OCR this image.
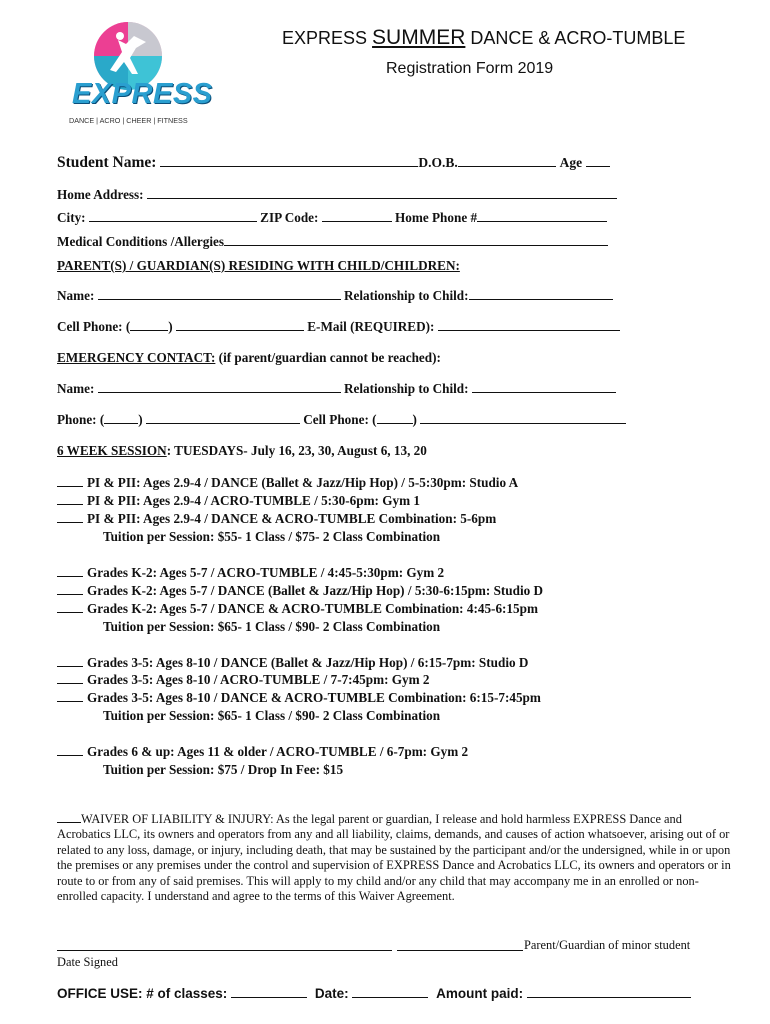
EXPRESS
DANCE | ACRO | CHEER | FITNESS
EXPRESS SUMMER DANCE & ACRO-TUMBLE
Registration Form 2019
Student Name:	D.O.B.	Age
Home Address:
City:	ZIP Code:	Home Phone #
Medical Conditions /Allergies
PARENT(S) / GUARDIAN(S) RESIDING WITH CHILD/CHILDREN:
Name:	Relationship to Child:
Cell Phone: (	)	E-Mail (REQUIRED):
EMERGENCY CONTACT: (if parent/guardian cannot be reached):
Name:	Relationship to Child:
Phone: (	)	Cell Phone: (	)
6 WEEK SESSION: TUESDAYS- July 16, 23, 30, August 6, 13, 20
PI & PII: Ages 2.9-4 / DANCE (Ballet & Jazz/Hip Hop) / 5-5:30pm: Studio A
PI & PII: Ages 2.9-4 / ACRO-TUMBLE / 5:30-6pm: Gym 1
PI & PII: Ages 2.9-4 / DANCE & ACRO-TUMBLE Combination: 5-6pm
Tuition per Session: $55- 1 Class / $75- 2 Class Combination
Grades K-2: Ages 5-7 / ACRO-TUMBLE / 4:45-5:30pm: Gym 2
Grades K-2: Ages 5-7 / DANCE (Ballet & Jazz/Hip Hop) / 5:30-6:15pm: Studio D
Grades K-2: Ages 5-7 / DANCE & ACRO-TUMBLE Combination: 4:45-6:15pm
Tuition per Session: $65- 1 Class / $90- 2 Class Combination
Grades 3-5: Ages 8-10 / DANCE (Ballet & Jazz/Hip Hop) / 6:15-7pm: Studio D
Grades 3-5: Ages 8-10 / ACRO-TUMBLE / 7-7:45pm: Gym 2
Grades 3-5: Ages 8-10 / DANCE & ACRO-TUMBLE Combination: 6:15-7:45pm
Tuition per Session: $65- 1 Class / $90- 2 Class Combination
Grades 6 & up: Ages 11 & older / ACRO-TUMBLE / 6-7pm: Gym 2
Tuition per Session: $75 / Drop In Fee: $15
WAIVER OF LIABILITY & INJURY: As the legal parent or guardian, I release and hold harmless EXPRESS Dance and Acrobatics LLC, its owners and operators from any and all liability, claims, demands, and causes of action whatsoever, arising out of or related to any loss, damage, or injury, including death, that may be sustained by the participant and/or the undersigned, while in or upon the premises or any premises under the control and supervision of EXPRESS Dance and Acrobatics LLC, its owners and operators or in route to or from any of said premises. This will apply to my child and/or any child that may accompany me in an enrolled or non-enrolled capacity. I understand and agree to the terms of this Waiver Agreement.
Parent/Guardian of minor student
Date Signed
OFFICE USE: # of classes:	Date:	Amount paid:
